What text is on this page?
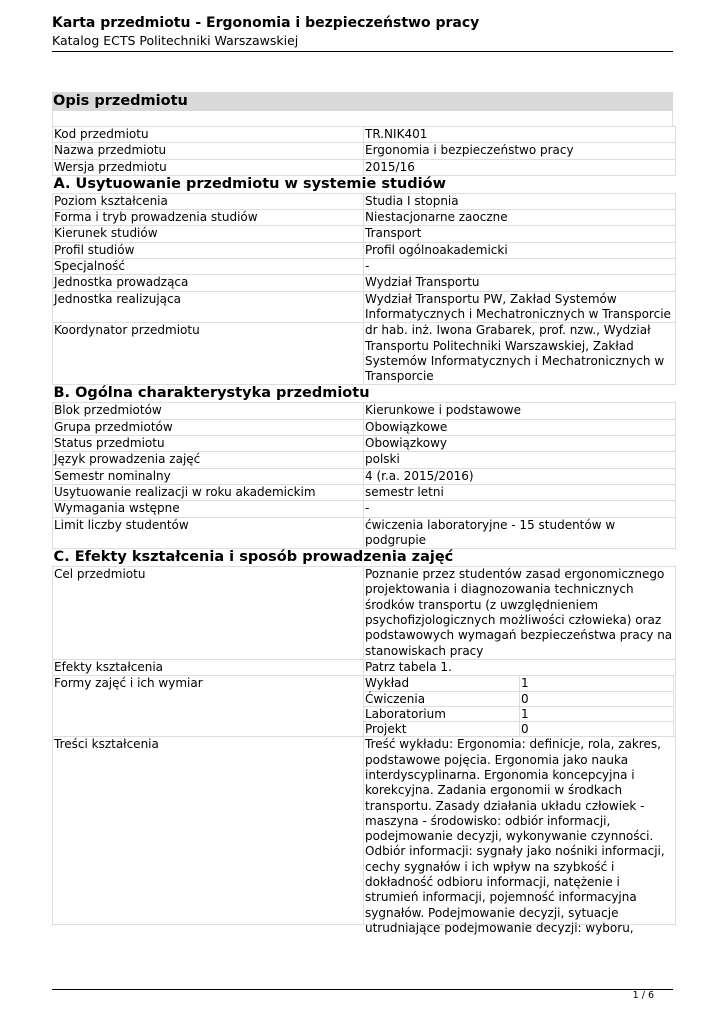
Karta przedmiotu - Ergonomia i bezpieczeństwo pracy
Katalog ECTS Politechniki Warszawskiej
Opis przedmiotu
Kod przedmiotu	TR.NIK401
Nazwa przedmiotu	Ergonomia i bezpieczeństwo pracy
Wersja przedmiotu	2015/16
A. Usytuowanie przedmiotu w systemie studiów
Poziom kształcenia	Studia I stopnia
Forma i tryb prowadzenia studiów	Niestacjonarne zaoczne
Kierunek studiów	Transport
Profil studiów	Profil ogólnoakademicki
Specjalność	-
Jednostka prowadząca	Wydział Transportu
Jednostka realizująca	Wydział Transportu PW, Zakład Systemów Informatycznych i Mechatronicznych w Transporcie
Koordynator przedmiotu	dr hab. inż. Iwona Grabarek, prof. nzw., Wydział Transportu Politechniki Warszawskiej, Zakład Systemów Informatycznych i Mechatronicznych w Transporcie
B. Ogólna charakterystyka przedmiotu
Blok przedmiotów	Kierunkowe i podstawowe
Grupa przedmiotów	Obowiązkowe
Status przedmiotu	Obowiązkowy
Język prowadzenia zajęć	polski
Semestr nominalny	4 (r.a. 2015/2016)
Usytuowanie realizacji w roku akademickim	semestr letni
Wymagania wstępne	-
Limit liczby studentów	ćwiczenia laboratoryjne - 15 studentów w podgrupie
C. Efekty kształcenia i sposób prowadzenia zajęć
Cel przedmiotu	Poznanie przez studentów zasad ergonomicznego projektowania i diagnozowania technicznych środków transportu (z uwzględnieniem psychofizjologicznych możliwości człowieka) oraz podstawowych wymagań bezpieczeństwa pracy na stanowiskach pracy
Efekty kształcenia	Patrz tabela 1.
Formy zajęć i ich wymiar		Wykład	1
Ćwiczenia	0
Laboratorium	1
Projekt	0

Treści kształcenia	Treść wykładu: Ergonomia: definicje, rola, zakres, podstawowe pojęcia. Ergonomia jako nauka interdyscyplinarna. Ergonomia koncepcyjna i korekcyjna. Zadania ergonomii w środkach transportu. Zasady działania układu człowiek - maszyna - środowisko: odbiór informacji, podejmowanie decyzji, wykonywanie czynności. Odbiór informacji: sygnały jako nośniki informacji, cechy sygnałów i ich wpływ na szybkość i dokładność odbioru informacji, natężenie i strumień informacji, pojemność informacyjna sygnałów. Podejmowanie decyzji, sytuacje utrudniające podejmowanie decyzji: wyboru,
1 / 6
